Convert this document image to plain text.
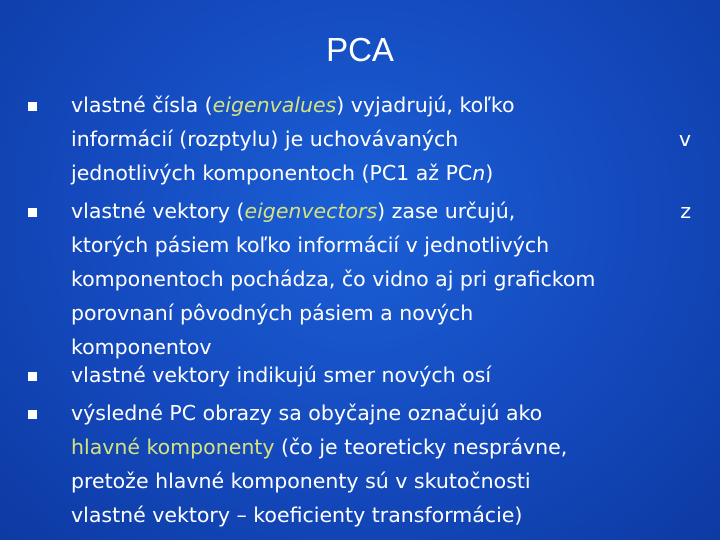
PCA
vlastné čísla (eigenvalues) vyjadrujú, koľko
informácií (rozptylu) je uchovávaných	v
jednotlivých komponentoch (PC1 až PCn)
vlastné vektory (eigenvectors) zase určujú,	z
ktorých pásiem koľko informácií v jednotlivých
komponentoch pochádza, čo vidno aj pri grafickom
porovnaní pôvodných pásiem a nových
komponentov
vlastné vektory indikujú smer nových osí
výsledné PC obrazy sa obyčajne označujú ako
hlavné komponenty (čo je teoreticky nesprávne,
pretože hlavné komponenty sú v skutočnosti
vlastné vektory – koeficienty transformácie)
